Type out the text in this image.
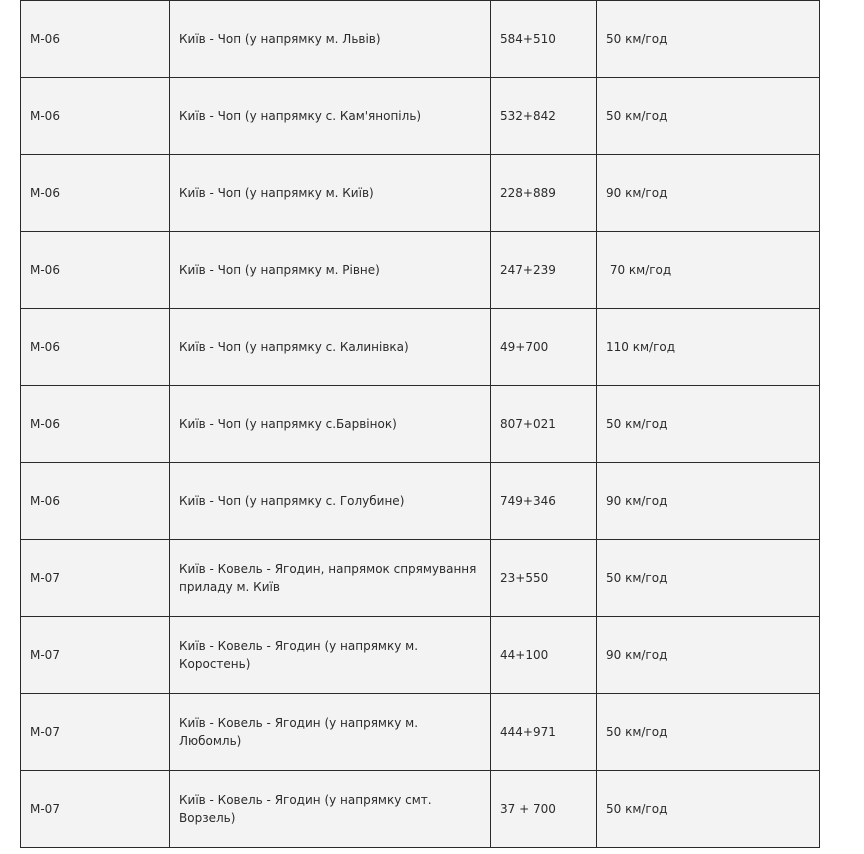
М-06	Київ - Чоп (у напрямку м. Львів)	584+510	50 км/год
М-06	Київ - Чоп (у напрямку с. Кам'янопіль)	532+842	50 км/год
М-06	Київ - Чоп (у напрямку м. Київ)	228+889	90 км/год
М-06	Київ - Чоп (у напрямку м. Рівне)	247+239	70 км/год
М-06	Київ - Чоп (у напрямку с. Калинівка)	49+700	110 км/год
М-06	Київ - Чоп (у напрямку с.Барвінок)	807+021	50 км/год
М-06	Київ - Чоп (у напрямку с. Голубине)	749+346	90 км/год
М-07	Київ - Ковель - Ягодин, напрямок спрямування приладу м. Київ	23+550	50 км/год
М-07	Київ - Ковель - Ягодин (у напрямку м. Коростень)	44+100	90 км/год
М-07	Київ - Ковель - Ягодин (у напрямку м. Любомль)	444+971	50 км/год
М-07	Київ - Ковель - Ягодин (у напрямку смт. Ворзель)	37 + 700	50 км/год
